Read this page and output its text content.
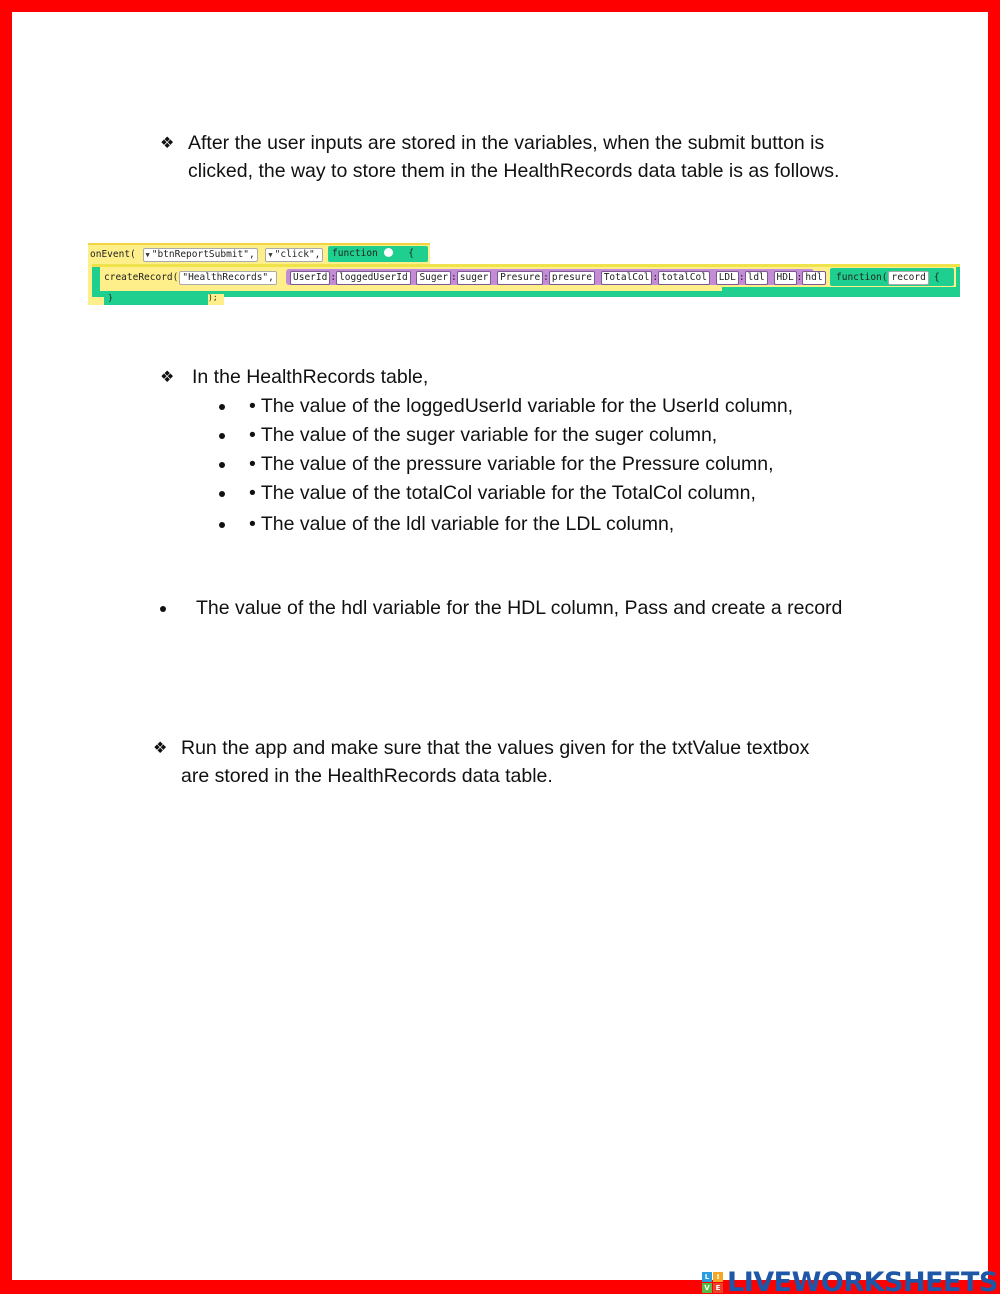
❖ After the user inputs are stored in the variables, when the submit button is
clicked, the way to store them in the HealthRecords data table is as follows.
onEvent( ▼ "btnReportSubmit", ▼ "click",	function	{
createRecord( "HealthRecords",	UserId : loggedUserId Suger : suger Presure : presure TotalCol : totalCol LDL : ldl HDL : hdl	function( record {
}	);
❖ In the HealthRecords table,
• The value of the loggedUserId variable for the UserId column,
• The value of the suger variable for the suger column,
• The value of the pressure variable for the Pressure column,
• The value of the totalCol variable for the TotalCol column,
• The value of the ldl variable for the LDL column,
The value of the hdl variable for the HDL column, Pass and create a record
❖ Run the app and make sure that the values given for the txtValue textbox
are stored in the HealthRecords data table.
L	I
V E LIVEWORKSHEETS
